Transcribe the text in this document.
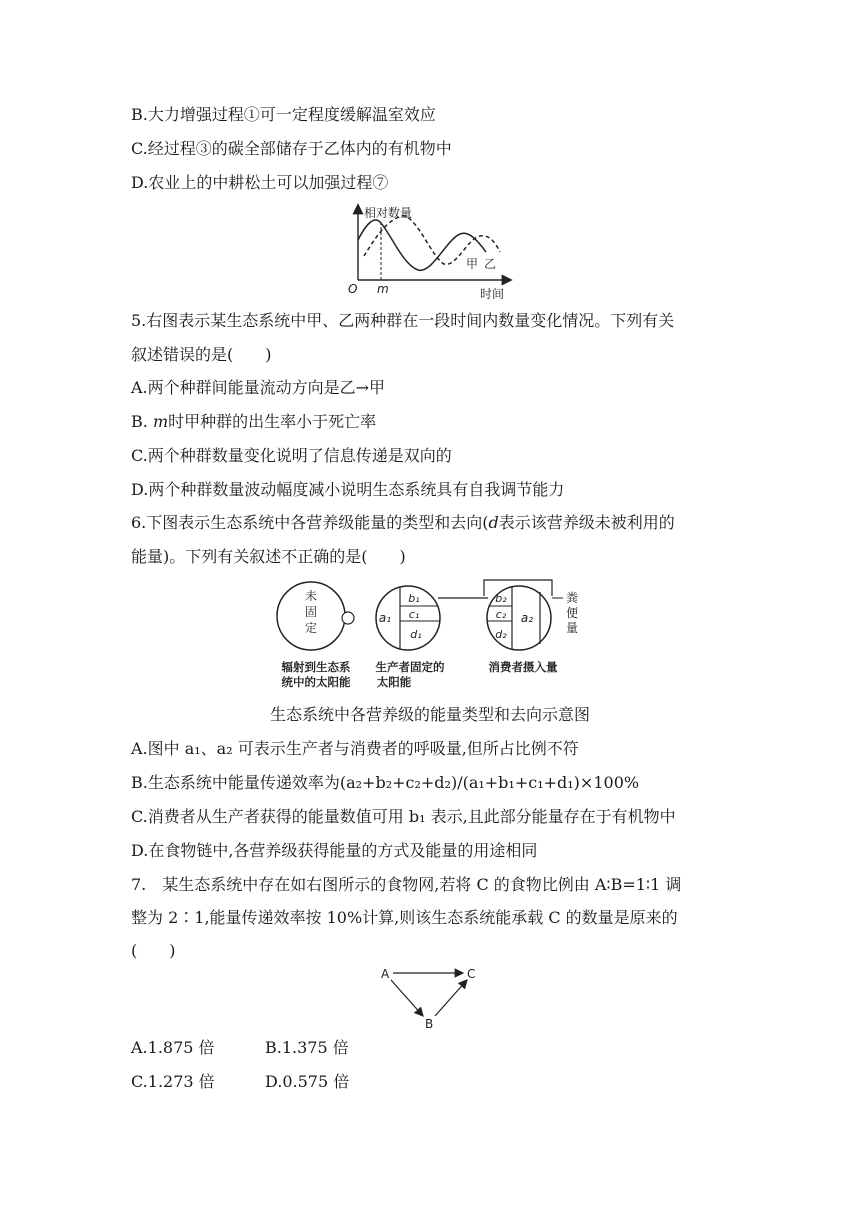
B.大力增强过程①可一定程度缓解温室效应
C.经过程③的碳全部储存于乙体内的有机物中
D.农业上的中耕松土可以加强过程⑦
相对数量
时间
O m
甲 乙
5.右图表示某生态系统中甲、乙两种群在一段时间内数量变化情况。下列有关
叙述错误的是(　　)
A.两个种群间能量流动方向是乙→甲
B. m时甲种群的出生率小于死亡率
C.两个种群数量变化说明了信息传递是双向的
D.两个种群数量波动幅度减小说明生态系统具有自我调节能力
6.下图表示生态系统中各营养级能量的类型和去向(d表示该营养级未被利用的
能量)。下列有关叙述不正确的是(　　)
未
固
定
辐射到生态系
统中的太阳能
a₁
b₁
c₁
d₁
生产者固定的
太阳能
b₂
c₂
d₂
a₂
消费者摄入量
粪
便
量
生态系统中各营养级的能量类型和去向示意图
A.图中 a₁、a₂ 可表示生产者与消费者的呼吸量,但所占比例不符
B.生态系统中能量传递效率为(a₂+b₂+c₂+d₂)/(a₁+b₁+c₁+d₁)×100%
C.消费者从生产者获得的能量数值可用 b₁ 表示,且此部分能量存在于有机物中
D.在食物链中,各营养级获得能量的方式及能量的用途相同
7.　某生态系统中存在如右图所示的食物网,若将 C 的食物比例由 A∶B=1∶1 调
整为 2∶1,能量传递效率按 10%计算,则该生态系统能承载 C 的数量是原来的
(　　)
A	C
B
A.1.875 倍	B.1.375 倍
C.1.273 倍	D.0.575 倍
